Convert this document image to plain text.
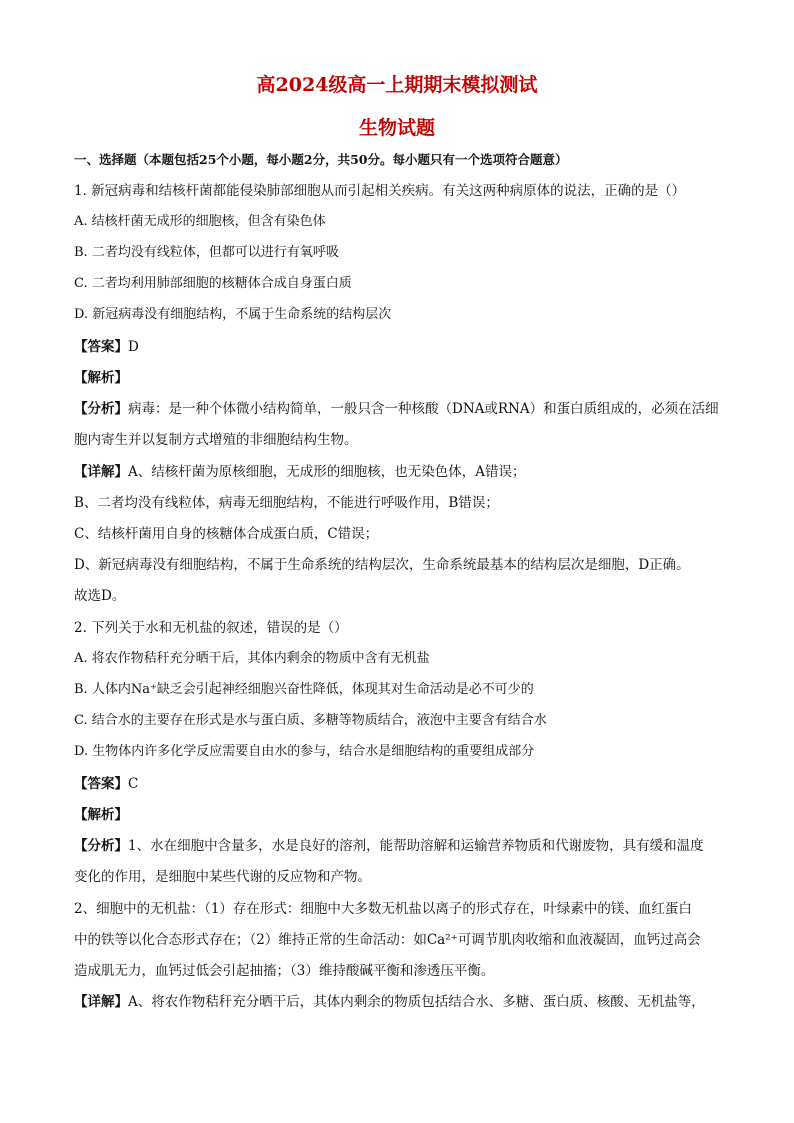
高2024级高一上期期末模拟测试
生物试题

一、选择题（本题包括25个小题，每小题2分，共50分。每小题只有一个选项符合题意）

1. 新冠病毒和结核杆菌都能侵染肺部细胞从而引起相关疾病。有关这两种病原体的说法，正确的是（）

A. 结核杆菌无成形的细胞核，但含有染色体

B. 二者均没有线粒体，但都可以进行有氧呼吸

C. 二者均利用肺部细胞的核糖体合成自身蛋白质

D. 新冠病毒没有细胞结构，不属于生命系统的结构层次

【答案】D

【解析】

【分析】病毒：是一种个体微小结构简单，一般只含一种核酸（DNA或RNA）和蛋白质组成的，必须在活细

胞内寄生并以复制方式增殖的非细胞结构生物。

【详解】A、结核杆菌为原核细胞，无成形的细胞核，也无染色体，A错误；

B、二者均没有线粒体，病毒无细胞结构，不能进行呼吸作用，B错误；

C、结核杆菌用自身的核糖体合成蛋白质，C错误；

D、新冠病毒没有细胞结构，不属于生命系统的结构层次，生命系统最基本的结构层次是细胞，D正确。

故选D。

2. 下列关于水和无机盐的叙述，错误的是（）

A. 将农作物秸秆充分晒干后，其体内剩余的物质中含有无机盐

B. 人体内Na⁺缺乏会引起神经细胞兴奋性降低，体现其对生命活动是必不可少的

C. 结合水的主要存在形式是水与蛋白质、多糖等物质结合，液泡中主要含有结合水

D. 生物体内许多化学反应需要自由水的参与，结合水是细胞结构的重要组成部分

【答案】C

【解析】

【分析】1、水在细胞中含量多，水是良好的溶剂，能帮助溶解和运输营养物质和代谢废物，具有缓和温度

变化的作用，是细胞中某些代谢的反应物和产物。

2、细胞中的无机盐：（1）存在形式：细胞中大多数无机盐以离子的形式存在，叶绿素中的镁、血红蛋白

中的铁等以化合态形式存在；（2）维持正常的生命活动：如Ca²⁺可调节肌肉收缩和血液凝固，血钙过高会

造成肌无力，血钙过低会引起抽搐；（3）维持酸碱平衡和渗透压平衡。

【详解】A、将农作物秸秆充分晒干后，其体内剩余的物质包括结合水、多糖、蛋白质、核酸、无机盐等，
